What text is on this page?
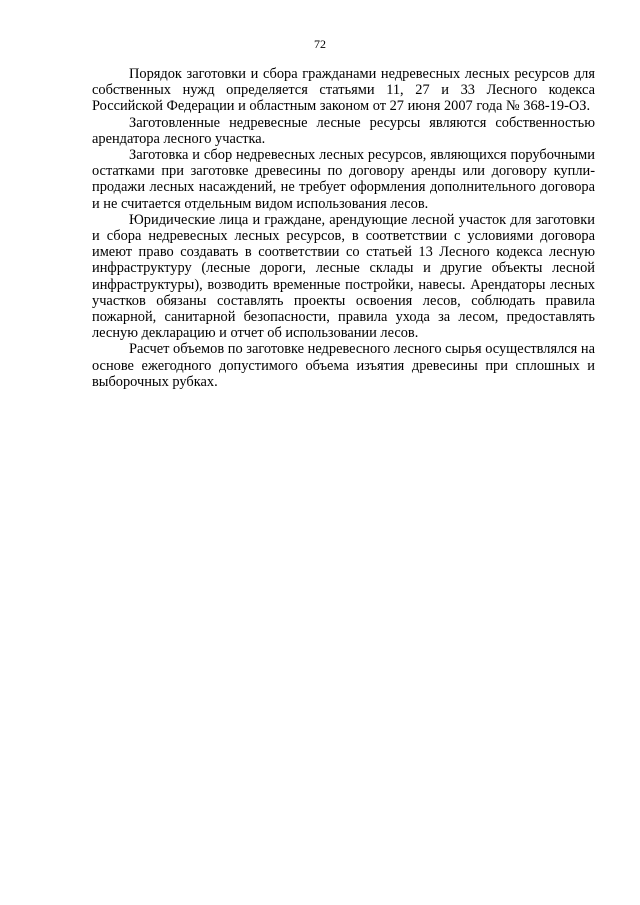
72

Порядок заготовки и сбора гражданами недревесных лесных ресурсов для собственных нужд определяется статьями 11, 27 и 33 Лесного кодекса Российской Федерации и областным законом от 27 июня 2007 года № 368-19-ОЗ.

Заготовленные недревесные лесные ресурсы являются собственностью арендатора лесного участка.

Заготовка и сбор недревесных лесных ресурсов, являющихся порубочными остатками при заготовке древесины по договору аренды или договору купли-продажи лесных насаждений, не требует оформления дополнительного договора и не считается отдельным видом использования лесов.

Юридические лица и граждане, арендующие лесной участок для заготовки и сбора недревесных лесных ресурсов, в соответствии с условиями договора имеют право создавать в соответствии со статьей 13 Лесного кодекса лесную инфраструктуру (лесные дороги, лесные склады и другие объекты лесной инфраструктуры), возводить временные постройки, навесы. Арендаторы лесных участков обязаны составлять проекты освоения лесов, соблюдать правила пожарной, санитарной безопасности, правила ухода за лесом, предоставлять лесную декларацию и отчет об использовании лесов.

Расчет объемов по заготовке недревесного лесного сырья осуществлялся на основе ежегодного допустимого объема изъятия древесины при сплошных и выборочных рубках.
